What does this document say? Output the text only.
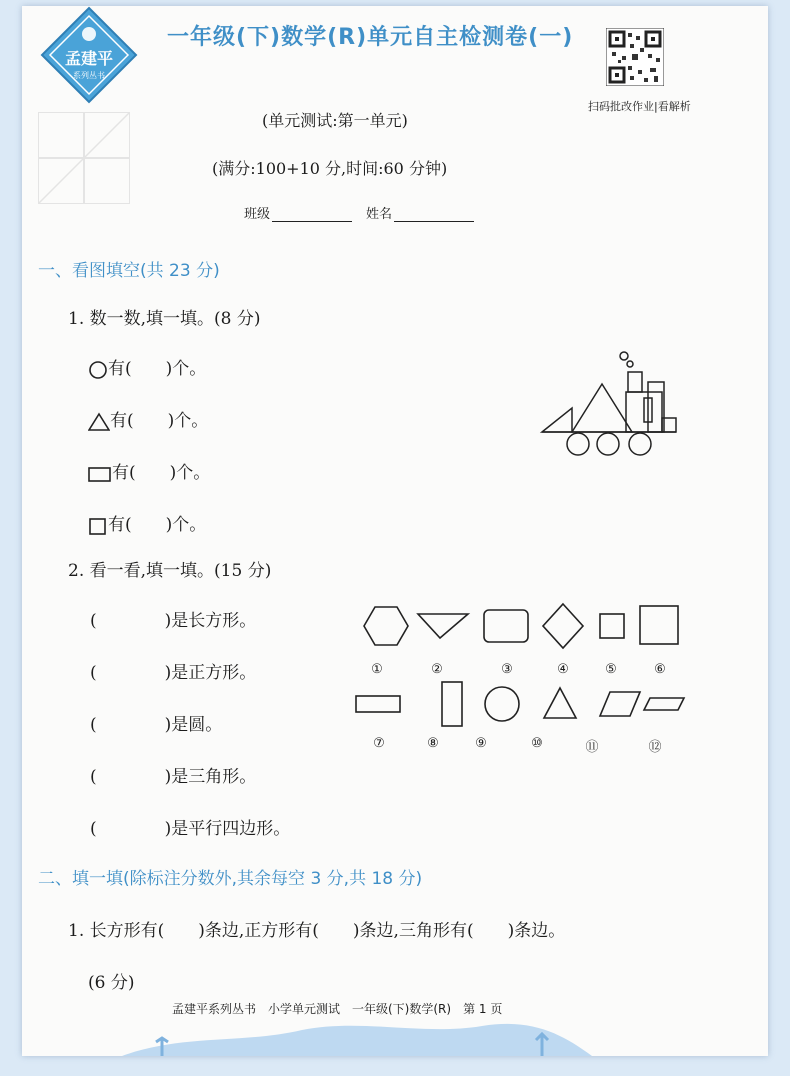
孟建平
系列丛书
一年级(下)数学(R)单元自主检测卷(一)
扫码批改作业|看解析
(单元测试:第一单元)
(满分:100+10 分,时间:60 分钟)
班级	姓名
一、看图填空(共 23 分)
1. 数一数,填一填。(8 分)
有(　　)个。
有(　　)个。
有(　　)个。
有(　　)个。
2. 看一看,填一填。(15 分)
(　　　　)是长方形。
(　　　　)是正方形。
(　　　　)是圆。
(　　　　)是三角形。
(　　　　)是平行四边形。
①	②	③	④	⑤	⑥
⑦	⑧	⑨	⑩	⑪	⑫
二、填一填(除标注分数外,其余每空 3 分,共 18 分)
1. 长方形有(　　)条边,正方形有(　　)条边,三角形有(　　)条边。
(6 分)
孟建平系列丛书　小学单元测试　一年级(下)数学(R)　第 1 页
